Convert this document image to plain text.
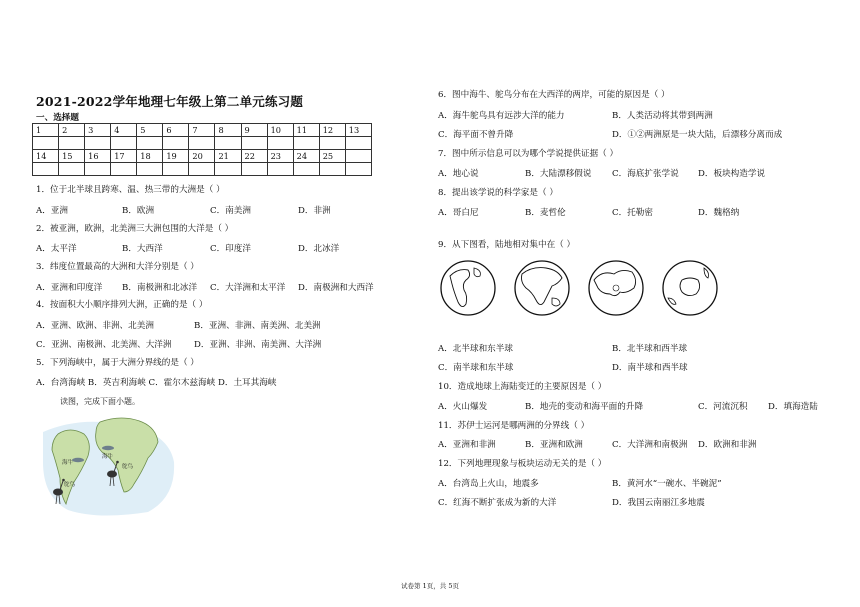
2021-2022学年地理七年级上第二单元练习题
一、选择题
1	2	3	4	5	6	7	8	9	10	11	12	13

14	15	16	17	18	19	20	21	22	23	24	25	

1．位于北半球且跨寒、温、热三带的大洲是（ ）
A．亚洲	B．欧洲	C．南美洲	D．非洲
2．被亚洲，欧洲，北美洲三大洲包围的大洋是（ ）
A．太平洋	B．大西洋	C．印度洋	D．北冰洋
3．纬度位置最高的大洲和大洋分别是（ ）
A．亚洲和印度洋 B．南极洲和北冰洋 C．大洋洲和太平洋 D．南极洲和大西洋
4．按面积大小顺序排列大洲，正确的是（ ）
A．亚洲、欧洲、非洲、北美洲	B．亚洲、非洲、南美洲、北美洲
C．亚洲、南极洲、北美洲、大洋洲	D．亚洲、非洲、南美洲、大洋洲
5．下列海峡中，属于大洲分界线的是（ ）
A．台湾海峡 B．英吉利海峡 C．霍尔木兹海峡 D．土耳其海峡
读图，完成下面小题。
海牛
鸵鸟
海牛
鸵鸟
6．图中海牛、鸵鸟分布在大西洋的两岸，可能的原因是（ ）
A．海牛鸵鸟具有远涉大洋的能力	B．人类活动将其带到两洲
C．海平面不曾升降	D．①②两洲原是一块大陆，后漂移分离而成
7．图中所示信息可以为哪个学说提供证据（ ）
A．地心说	B．大陆漂移假说 C．海底扩张学说 D．板块构造学说
8．提出该学说的科学家是（ ）
A．哥白尼	B．麦哲伦	C．托勒密	D．魏格纳
9．从下图看，陆地相对集中在（ ）
A．北半球和东半球	B．北半球和西半球
C．南半球和东半球	D．南半球和西半球
10．造成地球上海陆变迁的主要原因是（ ）
A．火山爆发	B．地壳的变动和海平面的升降	C．河流沉积 D．填海造陆
11．苏伊士运河是哪两洲的分界线（ ）
A．亚洲和非洲	B．亚洲和欧洲	C．大洋洲和南极洲 D．欧洲和非洲
12．下列地理现象与板块运动无关的是（ ）
A．台湾岛上火山，地震多	B．黄河水“一碗水、半碗泥”
C．红海不断扩张成为新的大洋	D．我国云南丽江多地震
试卷第 1页，共 5页
